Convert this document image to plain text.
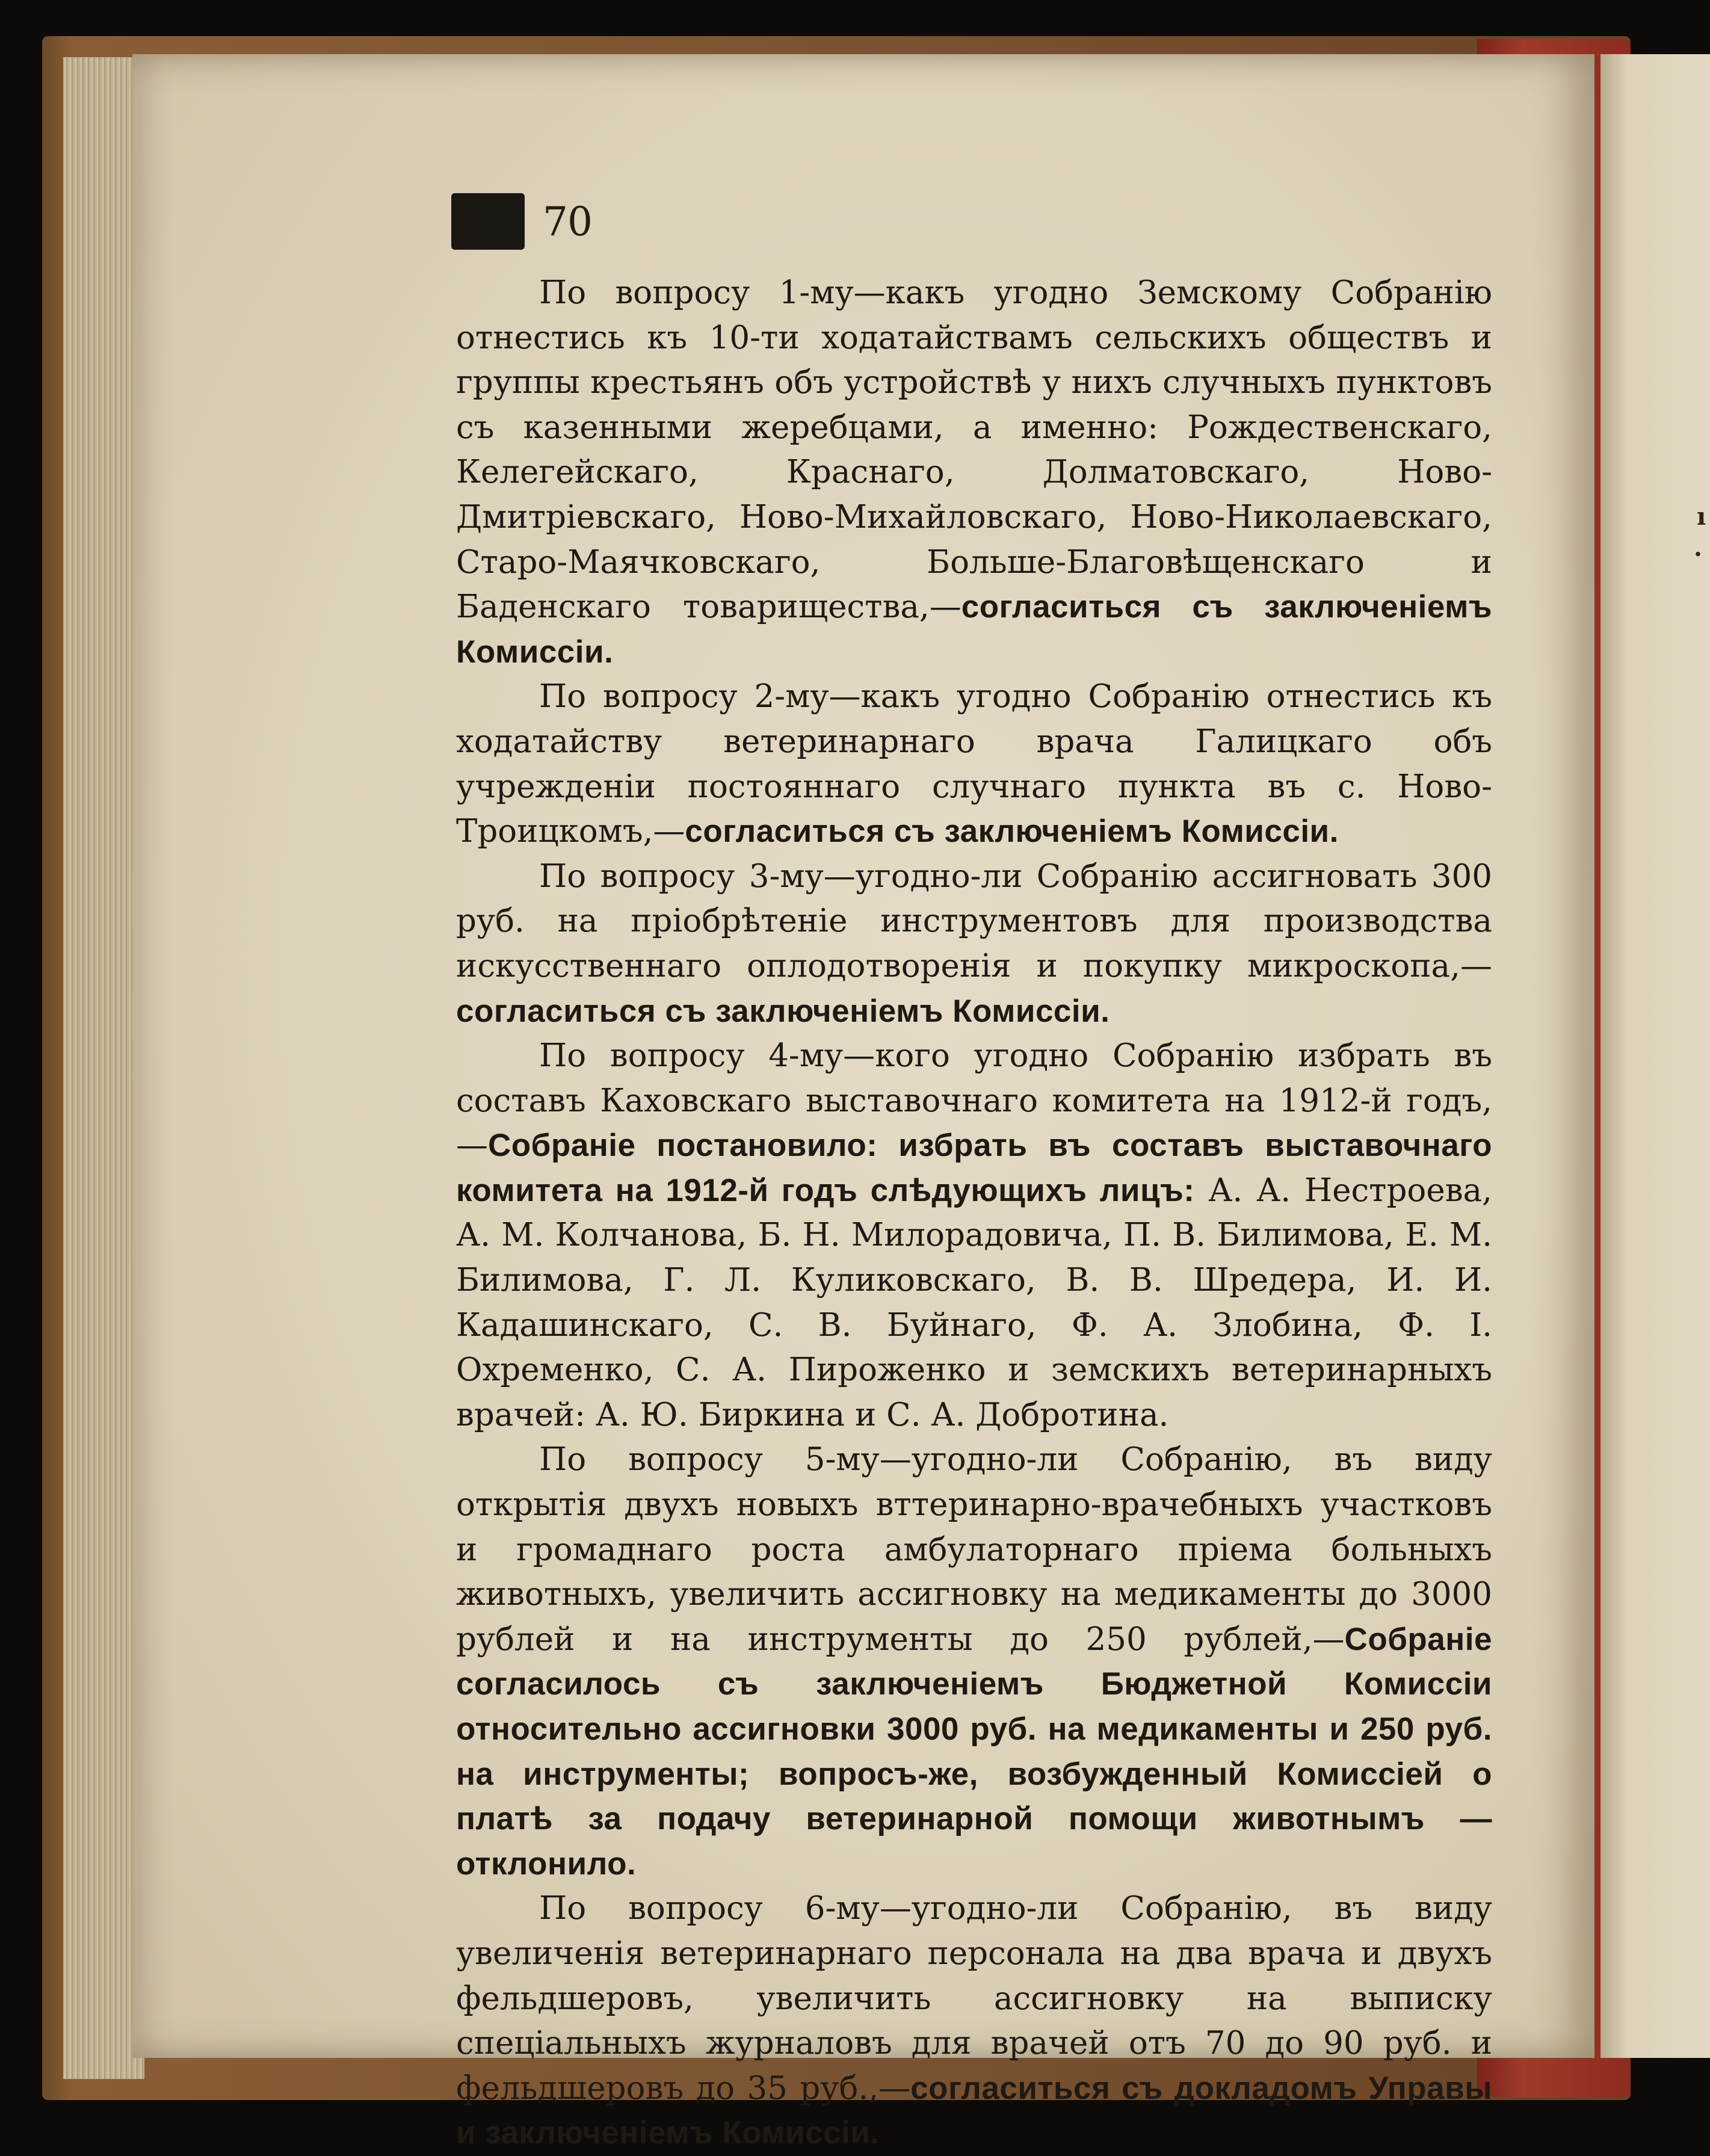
ı
·
70

По вопросу 1-му—какъ угодно Земскому Собранію отнестись къ 10-ти ходатайствамъ сельскихъ обществъ и группы крестьянъ объ устройствѣ у нихъ случныхъ пунктовъ съ казенными жеребцами, а именно: Рождественскаго, Келегейскаго, Краснаго, Долматовскаго, Ново-Дмитріевскаго, Ново-Михайловскаго, Ново-Николаевскаго, Старо-Маячковскаго, Больше-Благовѣщенскаго и Баденскаго товарищества,—согласиться съ заключеніемъ Комиссіи.

По вопросу 2-му—какъ угодно Собранію отнестись къ ходатайству ветеринарнаго врача Галицкаго объ учрежденіи постояннаго случнаго пункта въ с. Ново-Троицкомъ,—согласиться съ заключеніемъ Комиссіи.

По вопросу 3-му—угодно-ли Собранію ассигновать 300 руб. на пріобрѣтеніе инструментовъ для производства искусственнаго оплодотворенія и покупку микроскопа,—согласиться съ заключеніемъ Комиссіи.

По вопросу 4-му—кого угодно Собранію избрать въ составъ Каховскаго выставочнаго комитета на 1912-й годъ,—Собраніе постановило: избрать въ составъ выставочнаго комитета на 1912-й годъ слѣдующихъ лицъ: А. А. Нестроева, А. М. Колчанова, Б. Н. Милорадовича, П. В. Билимова, Е. М. Билимова, Г. Л. Куликовскаго, В. В. Шредера, И. И. Кадашинскаго, С. В. Буйнаго, Ф. А. Злобина, Ф. І. Охременко, С. А. Пироженко и земскихъ ветеринарныхъ врачей: А. Ю. Биркина и С. А. Добротина.

По вопросу 5-му—угодно-ли Собранію, въ виду открытія двухъ новыхъ вттеринарно-врачебныхъ участковъ и громаднаго роста амбулаторнаго пріема больныхъ животныхъ, увеличить ассигновку на медикаменты до 3000 рублей и на инструменты до 250 рублей,—Собраніе согласилось съ заключеніемъ Бюджетной Комиссіи относительно ассигновки 3000 руб. на медикаменты и 250 руб. на инструменты; вопросъ-же, возбужденный Комиссіей о платѣ за подачу ветеринарной помощи животнымъ —отклонило.

По вопросу 6-му—угодно-ли Собранію, въ виду увеличенія ветеринарнаго персонала на два врача и двухъ фельдшеровъ, увеличить ассигновку на выписку спеціальныхъ журналовъ для врачей отъ 70 до 90 руб. и фельдшеровъ до 35 руб.,—согласиться съ докладомъ Управы и заключеніемъ Комиссіи.
